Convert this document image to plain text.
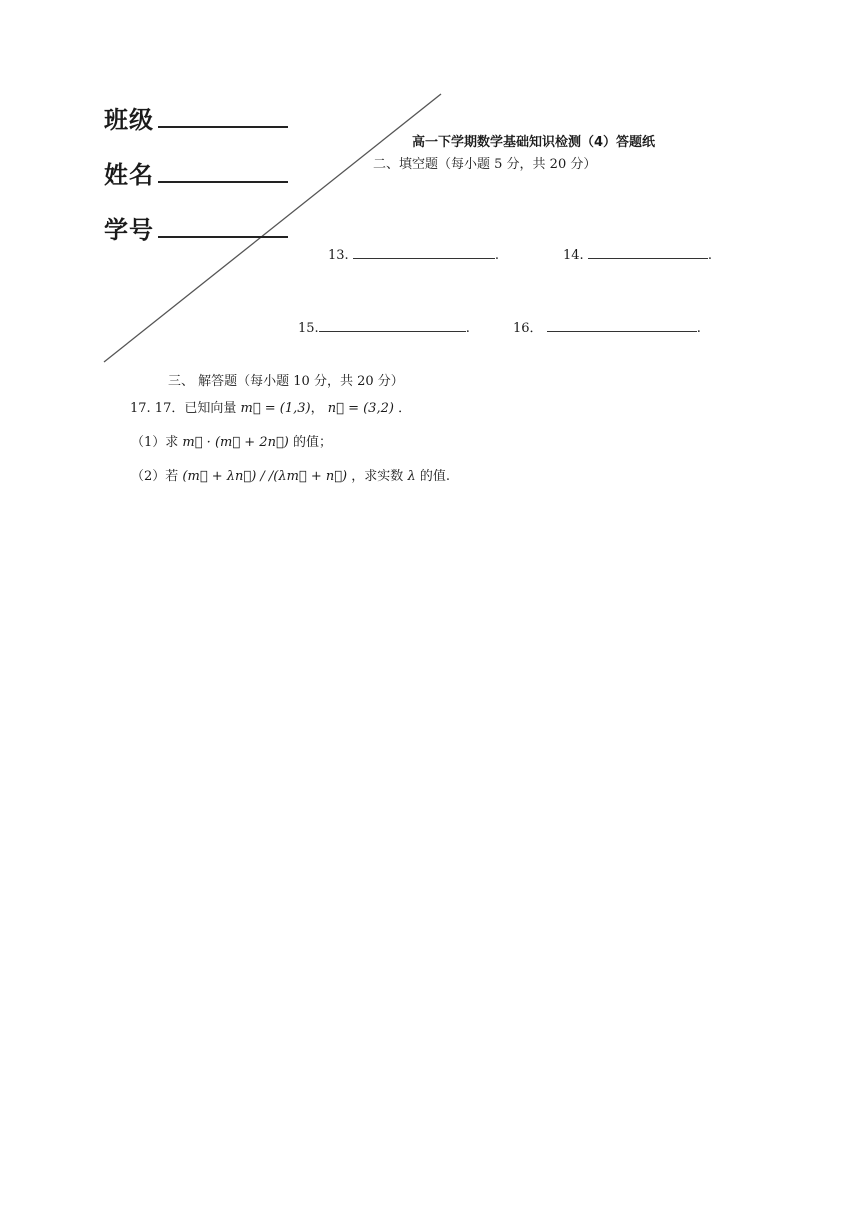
班级
姓名
学号
高一下学期数学基础知识检测（4）答题纸
二、填空题（每小题 5 分，共 20 分）
13.	.	14.	.
15.	.	16．	.
三、 解答题（每小题 10 分，共 20 分）
17. 17．已知向量 m⃗ = (1,3)， n⃗ = (3,2) ．
（1）求 m⃗ · (m⃗ + 2n⃗) 的值；
（2）若 (m⃗ + λn⃗) / /(λm⃗ + n⃗) ，求实数 λ 的值.
